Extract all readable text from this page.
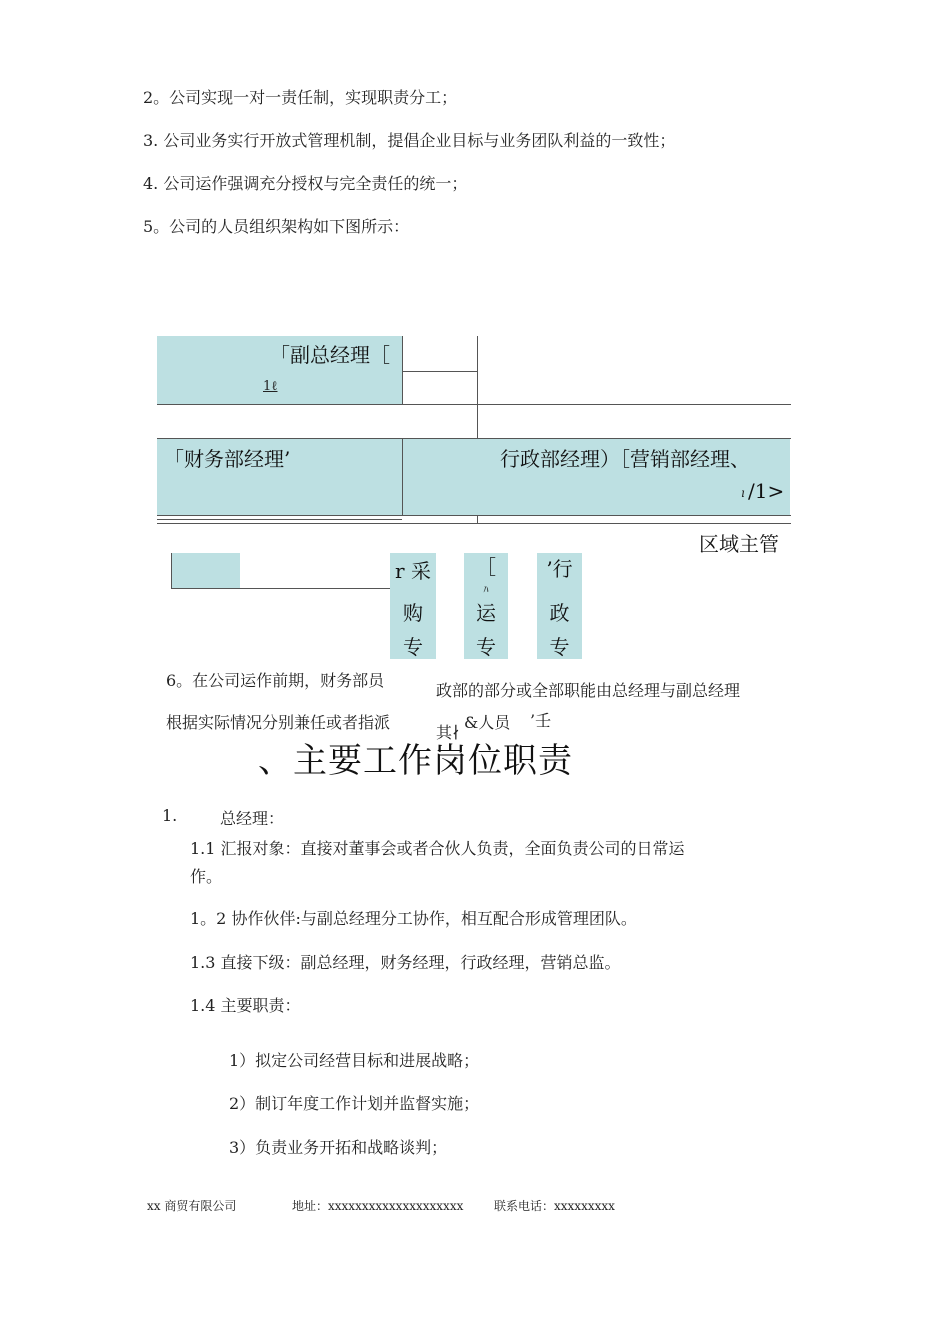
2。公司实现一对一责任制，实现职责分工；
3. 公司业务实行开放式管理机制，提倡企业目标与业务团队利益的一致性；
4. 公司运作强调充分授权与完全责任的统一；
5。公司的人员组织架构如下图所示：
「副总经理［
1ℓ
「财务部经理’	行政部经理）［营销部经理、
ı /1>
区域主管
r 采
购
专
［
ﾊ
运
专
’行
政
专
6。在公司运作前期，财务部员
政部的部分或全部职能由总经理与副总经理
根据实际情况分别兼任或者指派	&人员 ’壬
其∤
、主要工作岗位职责
1.	总经理：
1.1 汇报对象：直接对董事会或者合伙人负责，全面负责公司的日常运
作。
1。2 协作伙伴:与副总经理分工协作，相互配合形成管理团队。
1.3 直接下级：副总经理，财务经理，行政经理，营销总监。
1.4 主要职责：
1）拟定公司经营目标和进展战略；
2）制订年度工作计划并监督实施；
3）负责业务开拓和战略谈判；
xx 商贸有限公司	地址：xxxxxxxxxxxxxxxxxxxx	联系电话：xxxxxxxxx
